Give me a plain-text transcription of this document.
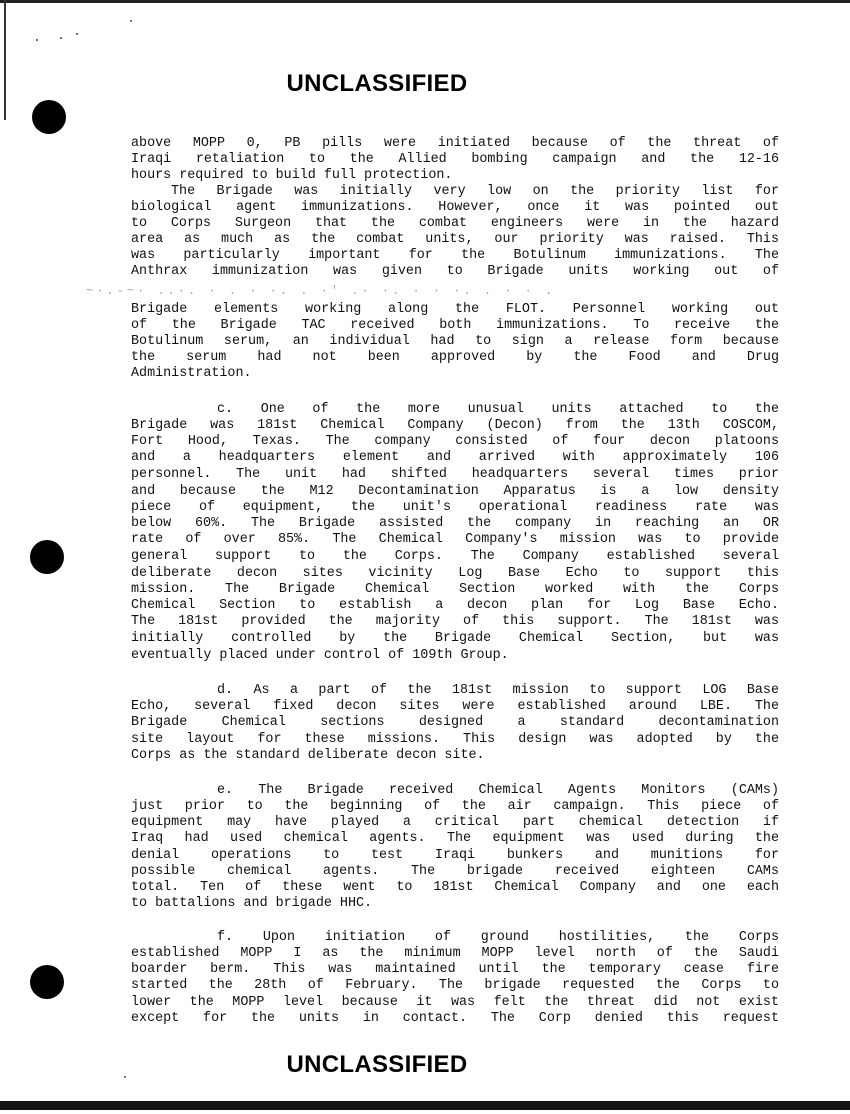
UNCLASSIFIED
above MOPP 0, PB pills were initiated because of the threat of
Iraqi retaliation to the Allied bombing campaign and the 12-16
hours required to build full protection.
The Brigade was initially very low on the priority list for
biological agent immunizations. However, once it was pointed out
to Corps Surgeon that the combat engineers were in the hazard
area as much as the combat units, our priority was raised. This
was particularly important for the Botulinum immunizations. The
Anthrax immunization was given to Brigade units working out of
~·.-~· ..·. · . · ·. . ·' .· ·. · · ·. . · · .
Brigade elements working along the FLOT. Personnel working out
of the Brigade TAC received both immunizations. To receive the
Botulinum serum, an individual had to sign a release form because
the serum had not been approved by the Food and Drug
Administration.
c. One of the more unusual units attached to the
Brigade was 181st Chemical Company (Decon) from the 13th COSCOM,
Fort Hood, Texas. The company consisted of four decon platoons
and a headquarters element and arrived with approximately 106
personnel. The unit had shifted headquarters several times prior
and because the M12 Decontamination Apparatus is a low density
piece of equipment, the unit's operational readiness rate was
below 60%. The Brigade assisted the company in reaching an OR
rate of over 85%. The Chemical Company's mission was to provide
general support to the Corps. The Company established several
deliberate decon sites vicinity Log Base Echo to support this
mission. The Brigade Chemical Section worked with the Corps
Chemical Section to establish a decon plan for Log Base Echo.
The 181st provided the majority of this support. The 181st was
initially controlled by the Brigade Chemical Section, but was
eventually placed under control of 109th Group.
d. As a part of the 181st mission to support LOG Base
Echo, several fixed decon sites were established around LBE. The
Brigade Chemical sections designed a standard decontamination
site layout for these missions. This design was adopted by the
Corps as the standard deliberate decon site.
e. The Brigade received Chemical Agents Monitors (CAMs)
just prior to the beginning of the air campaign. This piece of
equipment may have played a critical part chemical detection if
Iraq had used chemical agents. The equipment was used during the
denial operations to test Iraqi bunkers and munitions for
possible chemical agents. The brigade received eighteen CAMs
total. Ten of these went to 181st Chemical Company and one each
to battalions and brigade HHC.
f. Upon initiation of ground hostilities, the Corps
established MOPP I as the minimum MOPP level north of the Saudi
boarder berm. This was maintained until the temporary cease fire
started the 28th of February. The brigade requested the Corps to
lower the MOPP level because it was felt the threat did not exist
except for the units in contact. The Corp denied this request
UNCLASSIFIED
